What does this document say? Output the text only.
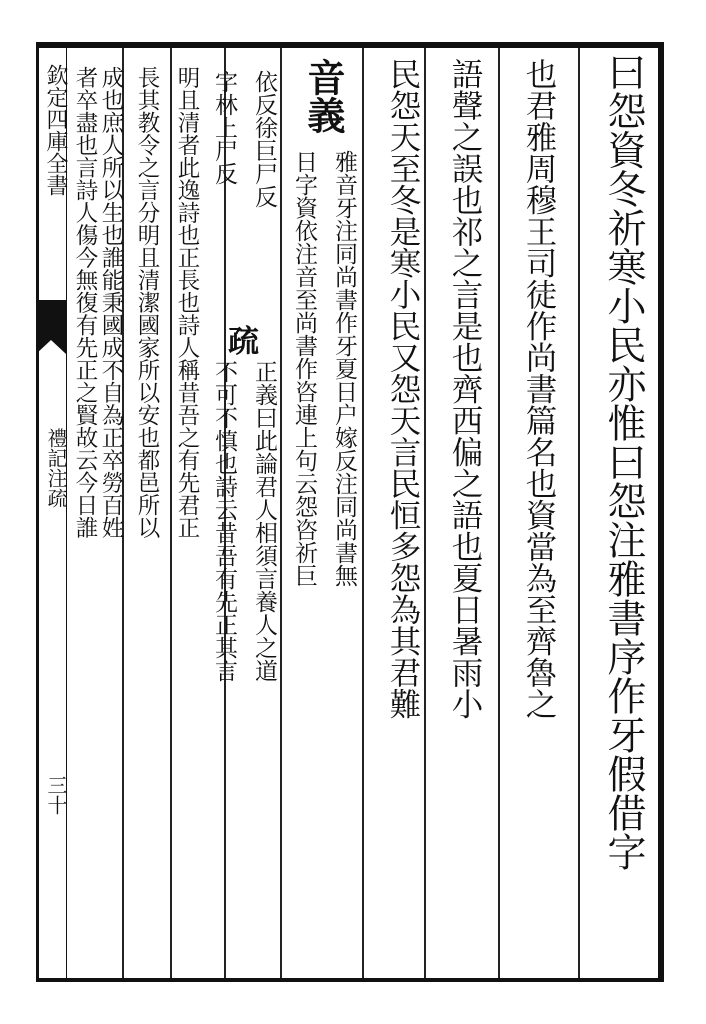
欽定四庫全書
禮記注疏
三十	曰怨資冬祈寒小民亦惟曰怨注雅書序作牙假借字
也君雅周穆王司徒作尚書篇名也資當為至齊魯之
語聲之誤也祁之言是也齊西偏之語也夏日暑雨小
民怨天至冬是寒小民又怨天言民恒多怨為其君難
音義
雅音牙注同尚書作牙夏日户嫁反注同尚書無
日字資依注音至尚書作咨連上句云怨咨祈巨
依反徐巨尸反
疏
正義曰此論君人相須言養人之道
字林上尸反
不可不慎也詩云昔吾有先正其言
明且清者此逸詩也正長也詩人稱昔吾之有先君正
長其教令之言分明且清潔國家所以安也都邑所以
成也庶人所以生也誰能秉國成不自為正卒勞百姓
者卒盡也言詩人傷今無復有先正之賢故云今日誰
